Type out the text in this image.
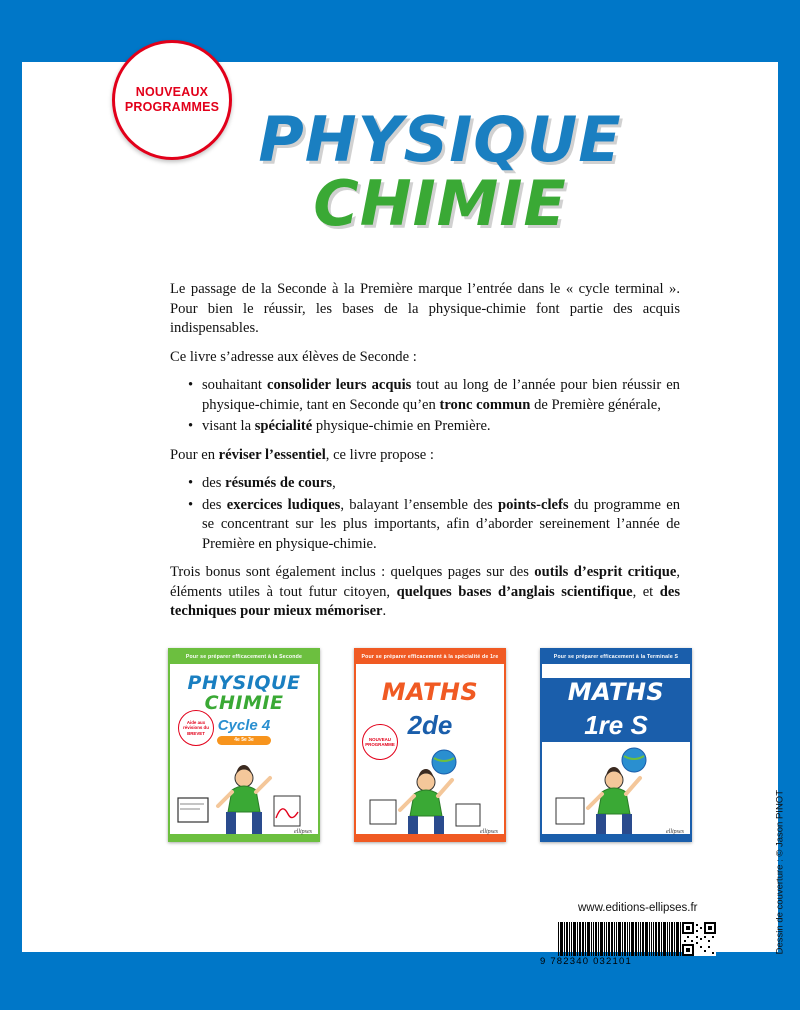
NOUVEAUX
PROGRAMMES PHYSIQUE
CHIMIE

Le passage de la Seconde à la Première marque l’entrée dans le « cycle terminal ». Pour bien le réussir, les bases de la physique-chimie font partie des acquis indispensables.

Ce livre s’adresse aux élèves de Seconde :

• souhaitant consolider leurs acquis tout au long de l’année pour bien réussir en physique-chimie, tant en Seconde qu’en tronc commun de Première générale,
• visant la spécialité physique-chimie en Première.

Pour en réviser l’essentiel, ce livre propose :

• des résumés de cours,
• des exercices ludiques, balayant l’ensemble des points-clefs du programme en se concentrant sur les plus importants, afin d’aborder sereinement l’année de Première en physique-chimie.

Trois bonus sont également inclus : quelques pages sur des outils d’esprit critique, éléments utiles à tout futur citoyen, quelques bases d’anglais scientifique, et des techniques pour mieux mémoriser.

Pour se préparer efficacement à la Seconde
PHYSIQUE
CHIMIE
Cycle 4
4e 5e 3e
Aide aux révisions du BREVET
ellipses
Pour se préparer efficacement à la spécialité de 1re
MATHS
2de
NOUVEAU PROGRAMME
ellipses
Pour se préparer efficacement à la Terminale S
MATHS
1re S
ellipses
www.editions-ellipses.fr
9 782340 032101
Dessin de couverture : © Jason PINOT
